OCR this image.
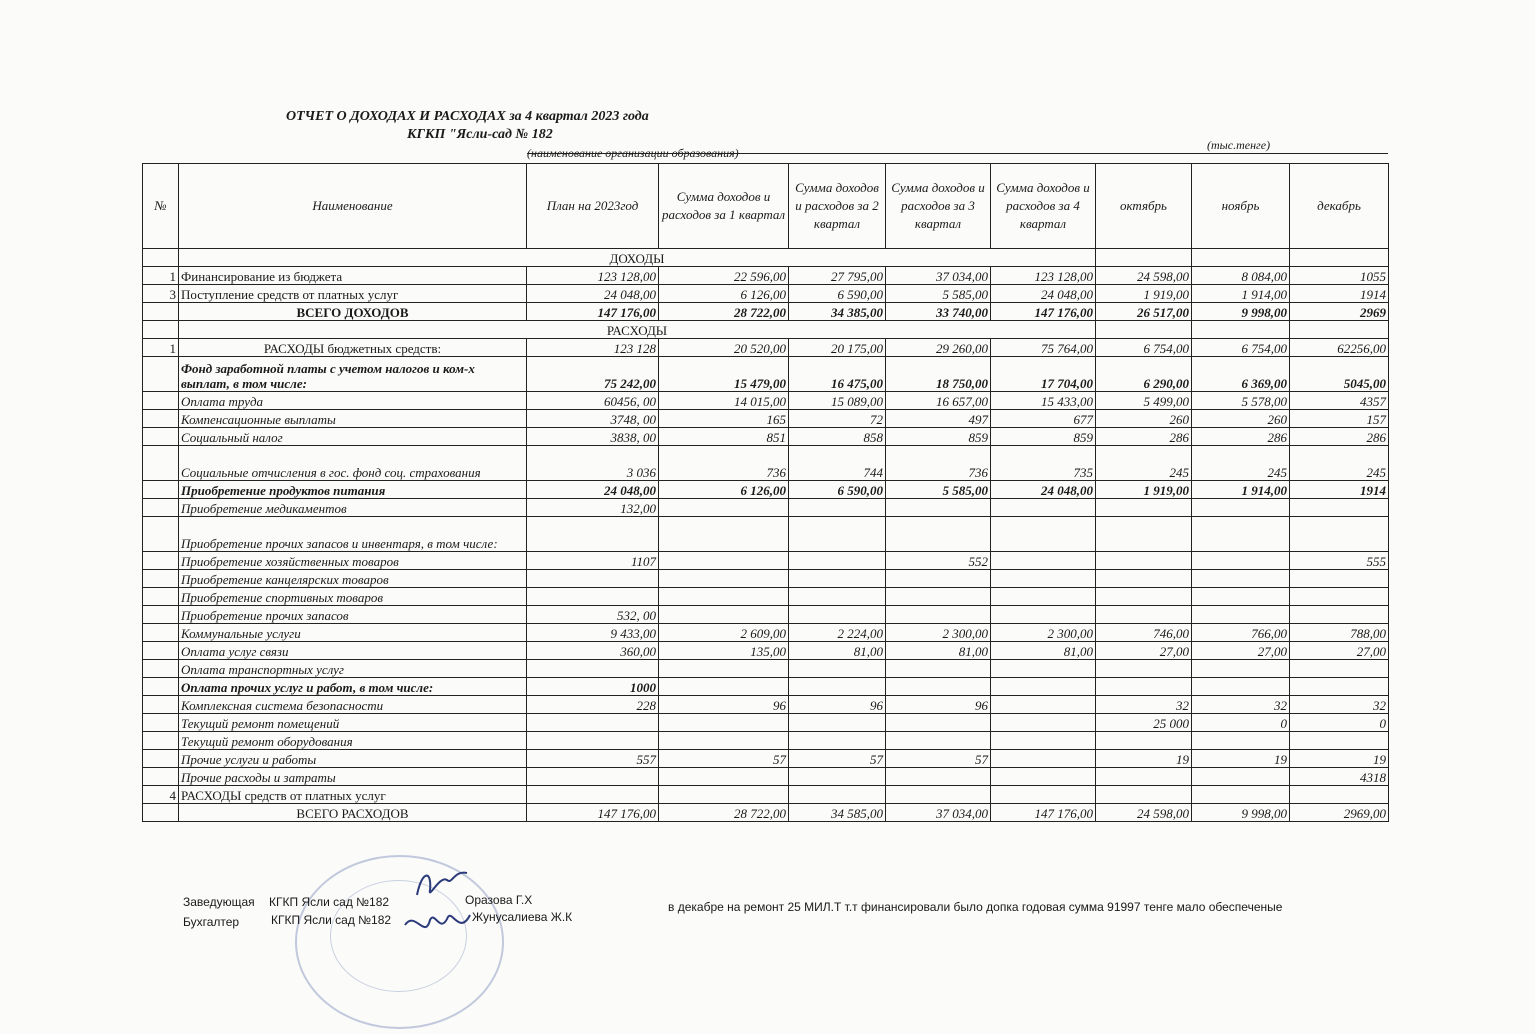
ОТЧЕТ О ДОХОДАХ И РАСХОДАХ за 4 квартал 2023 года
КГКП "Ясли-сад № 182
(наименование организации образования)
(тыс.тенге)
№	Наименование	План на 2023год	Сумма доходов и расходов за 1 квартал	Сумма доходов и расходов за 2 квартал	Сумма доходов и расходов за 3 квартал	Сумма доходов и расходов за 4 квартал	октябрь	ноябрь	декабрь
	ДОХОДЫ								
1	Финансирование из бюджета	123 128,00	22 596,00	27 795,00	37 034,00	123 128,00	24 598,00	8 084,00	1055
3	Поступление средств от платных услуг	24 048,00	6 126,00	6 590,00	5 585,00	24 048,00	1 919,00	1 914,00	1914
	ВСЕГО ДОХОДОВ	147 176,00	28 722,00	34 385,00	33 740,00	147 176,00	26 517,00	9 998,00	2969
	РАСХОДЫ								
1	РАСХОДЫ бюджетных средств:	123 128	20 520,00	20 175,00	29 260,00	75 764,00	6 754,00	6 754,00	62256,00
	Фонд заработной платы с учетом налогов и ком-х выплат, в том числе:	75 242,00	15 479,00	16 475,00	18 750,00	17 704,00	6 290,00	6 369,00	5045,00
	Оплата труда	60456, 00	14 015,00	15 089,00	16 657,00	15 433,00	5 499,00	5 578,00	4357
	Компенсационные выплаты	3748, 00	165	72	497	677	260	260	157
	Социальный налог	3838, 00	851	858	859	859	286	286	286
	Социальные отчисления в гос. фонд соц. страхования	3 036	736	744	736	735	245	245	245
	Приобретение продуктов питания	24 048,00	6 126,00	6 590,00	5 585,00	24 048,00	1 919,00	1 914,00	1914
	Приобретение медикаментов	132,00							
	Приобретение прочих запасов и инвентаря, в том числе:								
	Приобретение хозяйственных товаров	1107			552				555
	Приобретение канцелярских товаров								
	Приобретение спортивных товаров								
	Приобретение прочих запасов	532, 00							
	Коммунальные услуги	9 433,00	2 609,00	2 224,00	2 300,00	2 300,00	746,00	766,00	788,00
	Оплата услуг связи	360,00	135,00	81,00	81,00	81,00	27,00	27,00	27,00
	Оплата транспортных услуг								
	Оплата прочих услуг и работ, в том числе:	1000							
	Комплексная система безопасности	228	96	96	96		32	32	32
	Текущий ремонт помещений						25 000	0	0
	Текущий ремонт оборудования								
	Прочие услуги и работы	557	57	57	57		19	19	19
	Прочие расходы и затраты								4318
4	РАСХОДЫ средств от платных услуг								
	ВСЕГО РАСХОДОВ	147 176,00	28 722,00	34 585,00	37 034,00	147 176,00	24 598,00	9 998,00	2969,00
Заведующая КГКП Ясли сад №182	Оразова Г.Х
Бухгалтер	КГКП Ясли сад №182	Жунусалиева Ж.К
в декабре на ремонт 25 МИЛ.Т т.т финансировали было допка годовая сумма 91997 тенге мало обеспеченые
